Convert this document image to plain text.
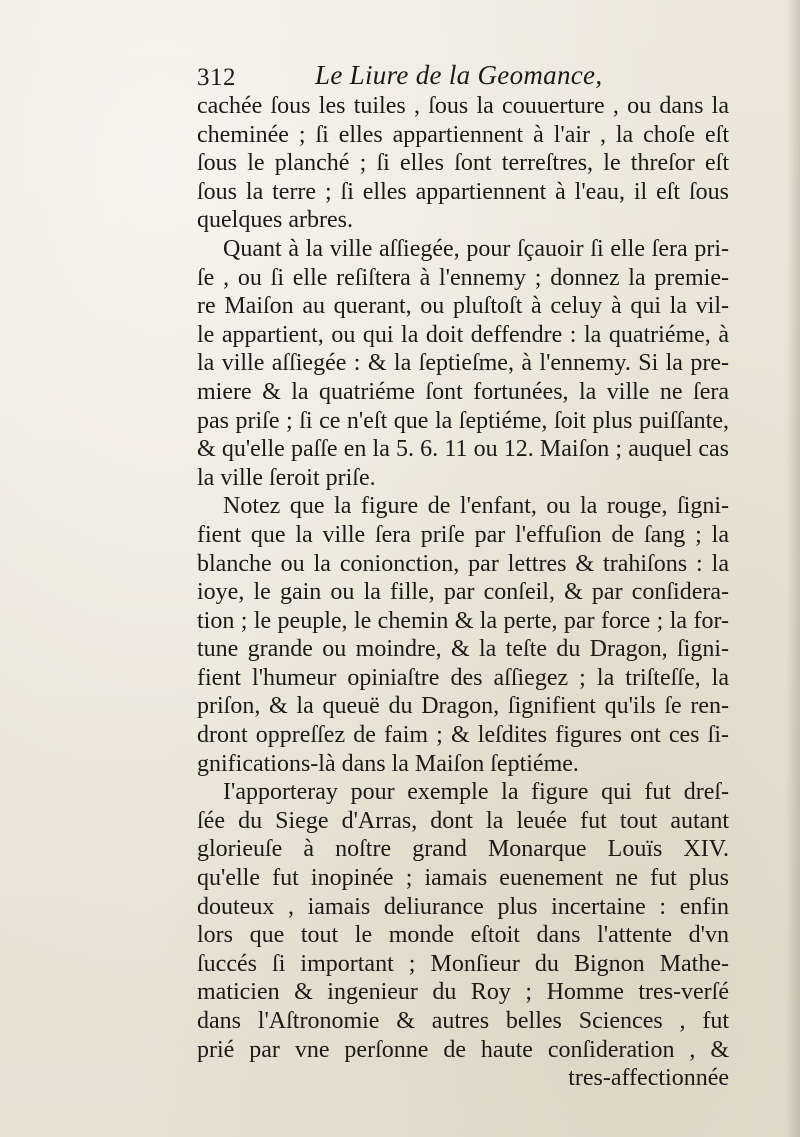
312	Le Liure de la Geomance,
cachée ſous les tuiles , ſous la couuerture , ou dans la
cheminée ; ſi elles appartiennent à l'air , la choſe eſt
ſous le planché ; ſi elles ſont terreſtres, le threſor eſt
ſous la terre ; ſi elles appartiennent à l'eau, il eſt ſous
quelques arbres.
Quant à la ville aſſiegée, pour ſçauoir ſi elle ſera pri-
ſe , ou ſi elle reſiſtera à l'ennemy ; donnez la premie-
re Maiſon au querant, ou pluſtoſt à celuy à qui la vil-
le appartient, ou qui la doit deffendre : la quatriéme, à
la ville aſſiegée : & la ſeptieſme, à l'ennemy. Si la pre-
miere & la quatriéme ſont fortunées, la ville ne ſera
pas priſe ; ſi ce n'eſt que la ſeptiéme, ſoit plus puiſſante,
& qu'elle paſſe en la 5. 6. 11 ou 12. Maiſon ; auquel cas
la ville ſeroit priſe.
Notez que la figure de l'enfant, ou la rouge, ſigni-
fient que la ville ſera priſe par l'effuſion de ſang ; la
blanche ou la conionction, par lettres & trahiſons : la
ioye, le gain ou la fille, par conſeil, & par conſidera-
tion ; le peuple, le chemin & la perte, par force ; la for-
tune grande ou moindre, & la teſte du Dragon, ſigni-
fient l'humeur opiniaſtre des aſſiegez ; la triſteſſe, la
priſon, & la queuë du Dragon, ſignifient qu'ils ſe ren-
dront oppreſſez de faim ; & leſdites figures ont ces ſi-
gnifications-là dans la Maiſon ſeptiéme.
I'apporteray pour exemple la figure qui fut dreſ-
ſée du Siege d'Arras, dont la leuée fut tout autant
glorieuſe à noſtre grand Monarque Louïs XIV.
qu'elle fut inopinée ; iamais euenement ne fut plus
douteux , iamais deliurance plus incertaine : enfin
lors que tout le monde eſtoit dans l'attente d'vn
ſuccés ſi important ; Monſieur du Bignon Mathe-
maticien & ingenieur du Roy ; Homme tres-verſé
dans l'Aſtronomie & autres belles Sciences , fut
prié par vne perſonne de haute conſideration , &
tres-affectionnée
